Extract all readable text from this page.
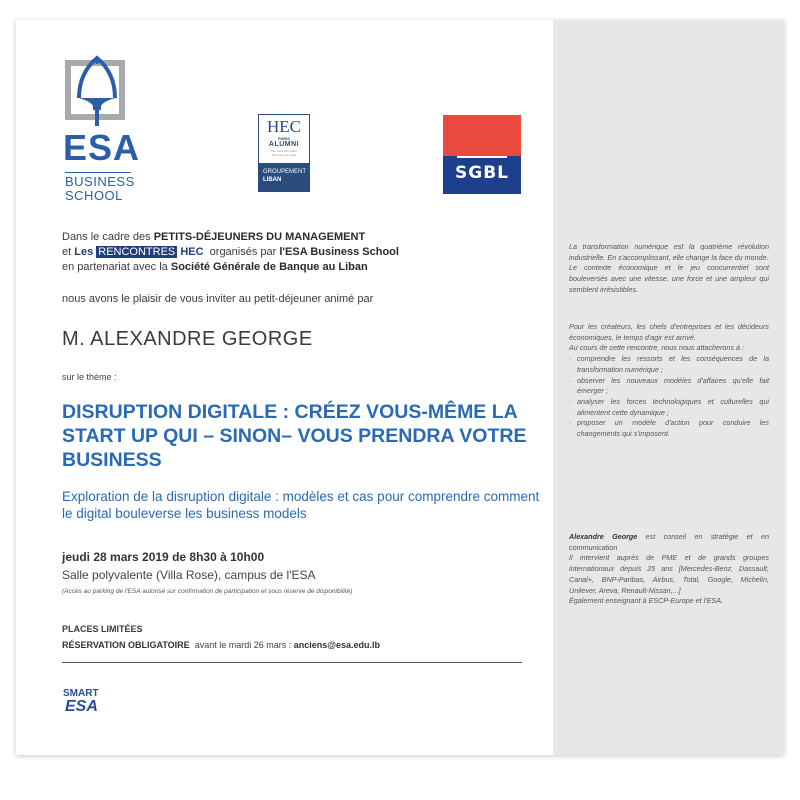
ESA
BUSINESS
SCHOOL
HEC
PARIS
ALUMNI
The more you share,
the more you grow
GROUPEMENT
LIBAN	SGBL
Dans le cadre des PETITS-DÉJEUNERS DU MANAGEMENT
et Les RENCONTRES HEC  organisés par l'ESA Business School
en partenariat avec la Société Générale de Banque au Liban
nous avons le plaisir de vous inviter au petit-déjeuner animé par
M. ALEXANDRE GEORGE
sur le thème :
DISRUPTION DIGITALE : CRÉEZ VOUS-MÊME LA START UP QUI – SINON– VOUS PRENDRA VOTRE BUSINESS
Exploration de la disruption digitale : modèles et cas pour comprendre comment le digital bouleverse les business models
jeudi 28 mars 2019 de 8h30 à 10h00
Salle polyvalente (Villa Rose), campus de l'ESA
(Accès au parking de l'ESA autorisé sur confirmation de participation et sous réserve de disponibilité)
PLACES LIMITÉES
RÉSERVATION OBLIGATOIRE  avant le mardi 26 mars : anciens@esa.edu.lb
SMART
ESA

La transformation numérique est la quatrième révolution industrielle. En s'accomplissant, elle change la face du monde.

Le contexte économique et le jeu concurrentiel sont bouleversés avec une vitesse, une force et une ampleur qui semblent irrésistibles.

Pour les créateurs, les chefs d'entreprises et les décideurs économiques, le temps d'agir est arrivé.

Au cours de cette rencontre, nous nous attacherons à :

· comprendre les ressorts et les conséquences de la transformation numérique ;
· observer les nouveaux modèles d'affaires qu'elle fait émerger ;
· analyser les forces technologiques et culturelles qui alimentent cette dynamique ;
· proposer un modèle d'action pour conduire les changements qui s'imposent.

Alexandre George est conseil en stratégie et en communication

Il intervient auprès de PME et de grands groupes internationaux depuis 25 ans [Mercedes-Benz, Dassault, Canal+, BNP-Paribas, Airbus, Total, Google, Michelin, Unilever, Areva, Renault-Nissan,...]

Également enseignant à ESCP-Europe et l'ESA.
